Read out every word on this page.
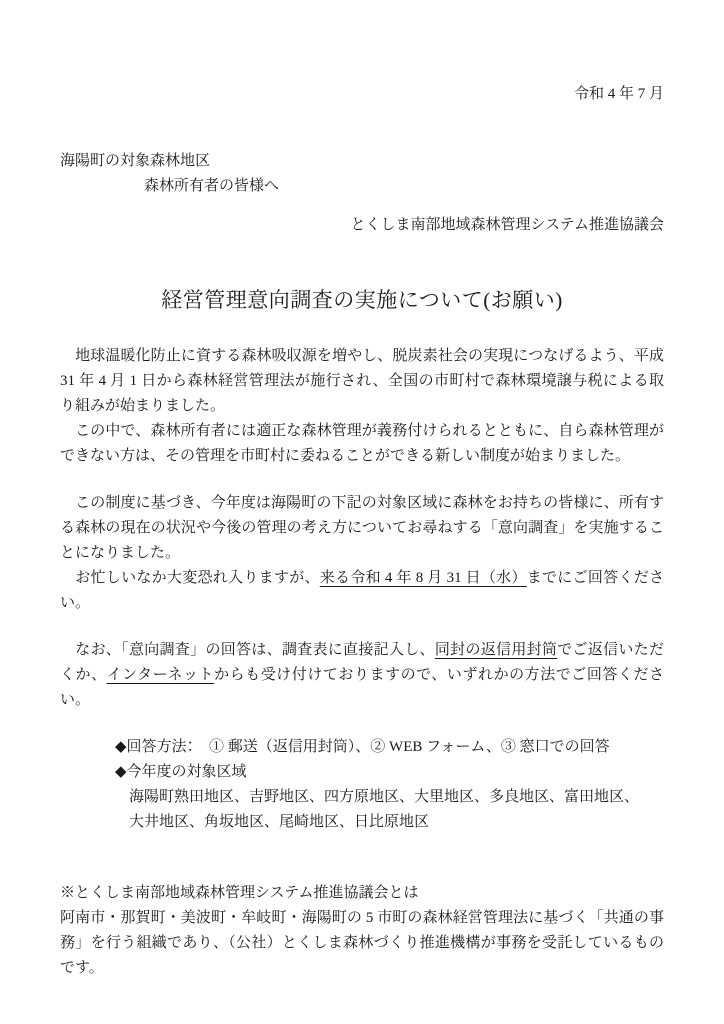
令和 4 年 7 月
海陽町の対象森林地区
森林所有者の皆様へ
とくしま南部地域森林管理システム推進協議会
経営管理意向調査の実施について(お願い)

　地球温暖化防止に資する森林吸収源を増やし、脱炭素社会の実現につなげるよう、平成 31 年 4 月 1 日から森林経営管理法が施行され、全国の市町村で森林環境譲与税による取り組みが始まりました。

　この中で、森林所有者には適正な森林管理が義務付けられるとともに、自ら森林管理ができない方は、その管理を市町村に委ねることができる新しい制度が始まりました。

　この制度に基づき、今年度は海陽町の下記の対象区域に森林をお持ちの皆様に、所有する森林の現在の状況や今後の管理の考え方についてお尋ねする「意向調査」を実施することになりました。

　お忙しいなか大変恐れ入りますが、来る令和 4 年 8 月 31 日（水）までにご回答ください。

　なお、「意向調査」の回答は、調査表に直接記入し、同封の返信用封筒でご返信いただくか、インターネットからも受け付けておりますので、いずれかの方法でご回答ください。

◆回答方法：　① 郵送（返信用封筒）、② WEB フォーム、③ 窓口での回答

◆今年度の対象区域

海陽町熟田地区、吉野地区、四方原地区、大里地区、多良地区、富田地区、

大井地区、角坂地区、尾崎地区、日比原地区

※とくしま南部地域森林管理システム推進協議会とは

阿南市・那賀町・美波町・牟岐町・海陽町の 5 市町の森林経営管理法に基づく「共通の事務」を行う組織であり、（公社）とくしま森林づくり推進機構が事務を受託しているものです。
